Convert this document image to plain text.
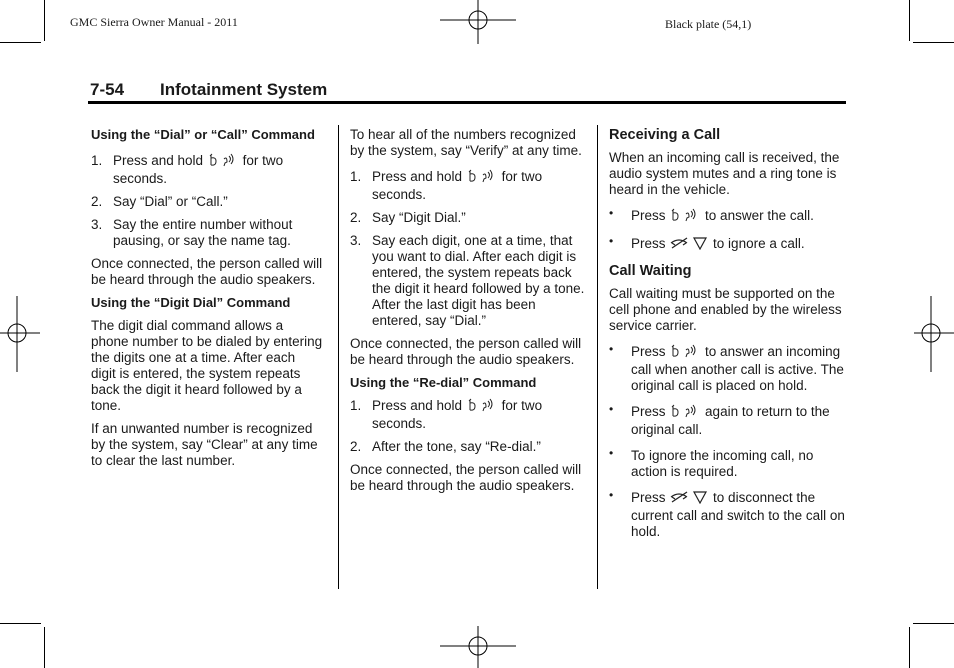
GMC Sierra Owner Manual - 2011	Black plate (54,1)
7-54 Infotainment System

Using the “Dial” or “Call” Command

1. Press and hold	for two seconds.
2. Say “Dial” or “Call.”
3. Say the entire number without pausing, or say the name tag.

Once connected, the person called will be heard through the audio speakers.

Using the “Digit Dial” Command

The digit dial command allows a phone number to be dialed by entering the digits one at a time. After each digit is entered, the system repeats back the digit it heard followed by a tone.

If an unwanted number is recognized by the system, say “Clear” at any time to clear the last number.

To hear all of the numbers recognized by the system, say “Verify” at any time.

1. Press and hold	for two seconds.
2. Say “Digit Dial.”
3. Say each digit, one at a time, that you want to dial. After each digit is entered, the system repeats back the digit it heard followed by a tone. After the last digit has been entered, say “Dial.”

Once connected, the person called will be heard through the audio speakers.

Using the “Re-dial” Command

1. Press and hold	for two seconds.
2. After the tone, say “Re-dial.”

Once connected, the person called will be heard through the audio speakers.

Receiving a Call

When an incoming call is received, the audio system mutes and a ring tone is heard in the vehicle.

• Press	to answer the call.
• Press	to ignore a call.

Call Waiting

Call waiting must be supported on the cell phone and enabled by the wireless service carrier.

• Press	to answer an incoming call when another call is active. The original call is placed on hold.
• Press	again to return to the original call.
• To ignore the incoming call, no action is required.
• Press	to disconnect the current call and switch to the call on hold.
